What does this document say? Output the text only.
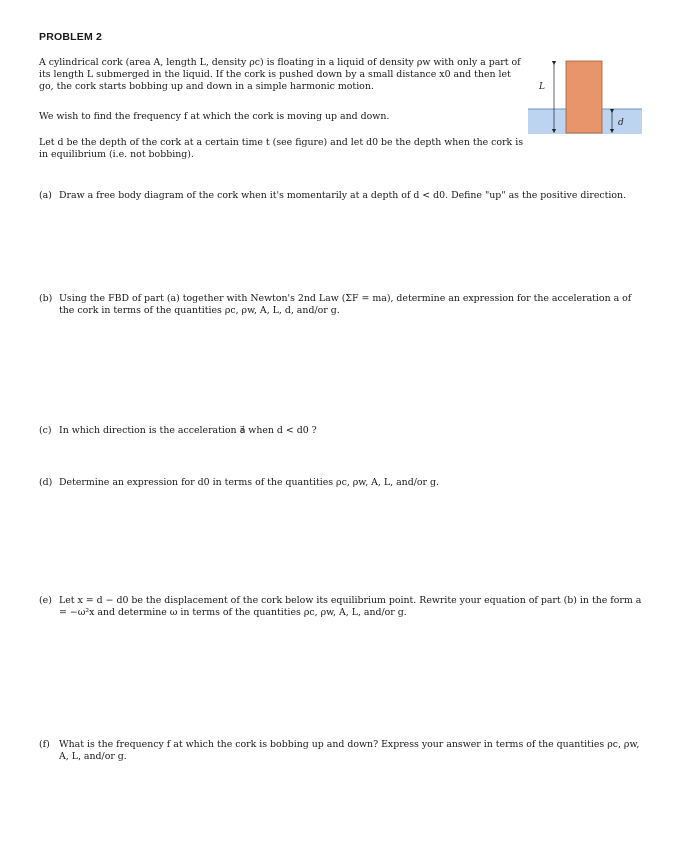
PROBLEM 2
A cylindrical cork (area A, length L, density ρc) is floating in a liquid of density ρw with only a part of its length L submerged in the liquid. If the cork is pushed down by a small distance x0 and then let go, the cork starts bobbing up and down in a simple harmonic motion.
We wish to find the frequency f at which the cork is moving up and down.
Let d be the depth of the cork at a certain time t (see figure) and let d0 be the depth when the cork is in equilibrium (i.e. not bobbing).
L
d
(a) Draw a free body diagram of the cork when it's momentarily at a depth of d < d0. Define "up" as the positive direction.
(b) Using the FBD of part (a) together with Newton's 2nd Law (ΣF = ma), determine an expression for the acceleration a of the cork in terms of the quantities ρc, ρw, A, L, d, and/or g.
(c) In which direction is the acceleration a⃗ when d < d0 ?
(d) Determine an expression for d0 in terms of the quantities ρc, ρw, A, L, and/or g.
(e) Let x = d − d0 be the displacement of the cork below its equilibrium point. Rewrite your equation of part (b) in the form a = −ω²x and determine ω in terms of the quantities ρc, ρw, A, L, and/or g.
(f) What is the frequency f at which the cork is bobbing up and down? Express your answer in terms of the quantities ρc, ρw, A, L, and/or g.
